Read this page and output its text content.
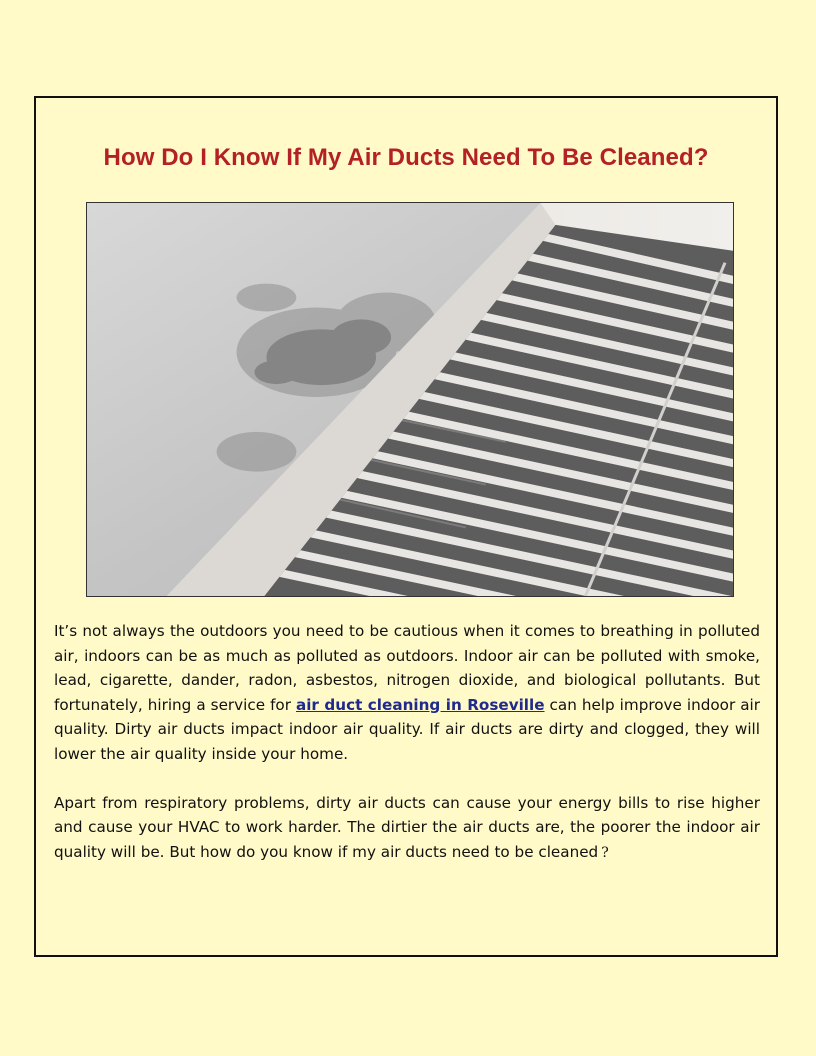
How Do I Know If My Air Ducts Need To Be Cleaned?

It’s not always the outdoors you need to be cautious when it comes to breathing in polluted air, indoors can be as much as polluted as outdoors. Indoor air can be polluted with smoke, lead, cigarette, dander, radon, asbestos, nitrogen dioxide, and biological pollutants. But fortunately, hiring a service for air duct cleaning in Roseville can help improve indoor air quality. Dirty air ducts impact indoor air quality. If air ducts are dirty and clogged, they will lower the air quality inside your home.

Apart from respiratory problems, dirty air ducts can cause your energy bills to rise higher and cause your HVAC to work harder. The dirtier the air ducts are, the poorer the indoor air quality will be. But how do you know if my air ducts need to be cleaned ?
